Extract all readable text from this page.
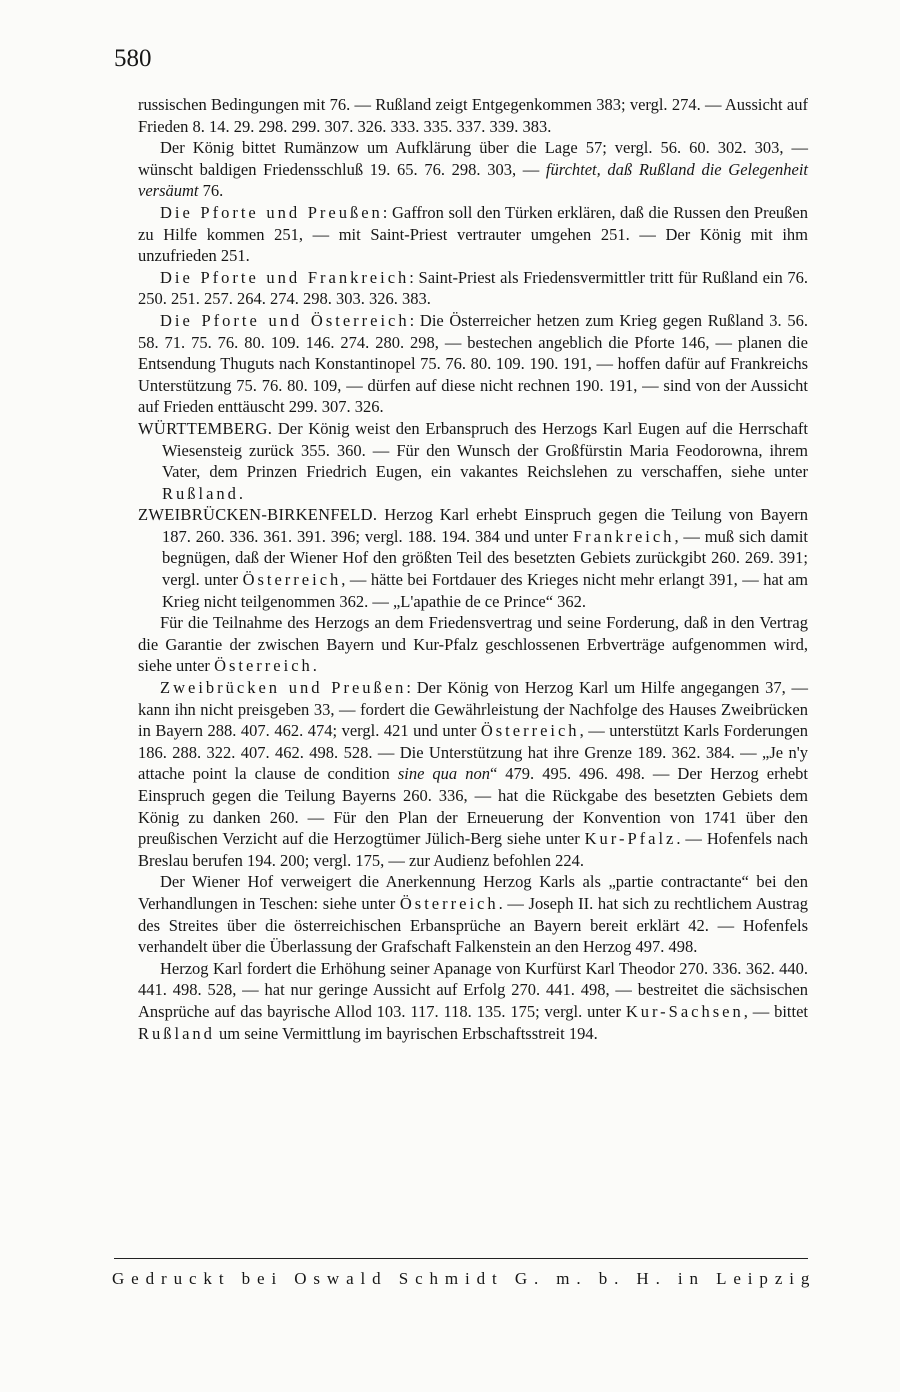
580

russischen Bedingungen mit 76. — Rußland zeigt Entgegenkommen 383; vergl. 274. — Aussicht auf Frieden 8. 14. 29. 298. 299. 307. 326. 333. 335. 337. 339. 383.

Der König bittet Rumänzow um Aufklärung über die Lage 57; vergl. 56. 60. 302. 303, — wünscht baldigen Friedensschluß 19. 65. 76. 298. 303, — fürchtet, daß Rußland die Gelegenheit versäumt 76.

Die Pforte und Preußen: Gaffron soll den Türken erklären, daß die Russen den Preußen zu Hilfe kommen 251, — mit Saint-Priest vertrauter umgehen 251. — Der König mit ihm unzufrieden 251.

Die Pforte und Frankreich: Saint-Priest als Friedensvermittler tritt für Rußland ein 76. 250. 251. 257. 264. 274. 298. 303. 326. 383.

Die Pforte und Österreich: Die Österreicher hetzen zum Krieg gegen Rußland 3. 56. 58. 71. 75. 76. 80. 109. 146. 274. 280. 298, — bestechen angeblich die Pforte 146, — planen die Entsendung Thuguts nach Konstantinopel 75. 76. 80. 109. 190. 191, — hoffen dafür auf Frankreichs Unterstützung 75. 76. 80. 109, — dürfen auf diese nicht rechnen 190. 191, — sind von der Aussicht auf Frieden enttäuscht 299. 307. 326.

WÜRTTEMBERG. Der König weist den Erbanspruch des Herzogs Karl Eugen auf die Herrschaft Wiesensteig zurück 355. 360. — Für den Wunsch der Großfürstin Maria Feodorowna, ihrem Vater, dem Prinzen Friedrich Eugen, ein vakantes Reichslehen zu verschaffen, siehe unter Rußland.

ZWEIBRÜCKEN-BIRKENFELD. Herzog Karl erhebt Einspruch gegen die Teilung von Bayern 187. 260. 336. 361. 391. 396; vergl. 188. 194. 384 und unter Frankreich, — muß sich damit begnügen, daß der Wiener Hof den größten Teil des besetzten Gebiets zurückgibt 260. 269. 391; vergl. unter Österreich, — hätte bei Fortdauer des Krieges nicht mehr erlangt 391, — hat am Krieg nicht teilgenommen 362. — „L'apathie de ce Prince“ 362.

Für die Teilnahme des Herzogs an dem Friedensvertrag und seine Forderung, daß in den Vertrag die Garantie der zwischen Bayern und Kur-Pfalz geschlossenen Erbverträge aufgenommen wird, siehe unter Österreich.

Zweibrücken und Preußen: Der König von Herzog Karl um Hilfe angegangen 37, — kann ihn nicht preisgeben 33, — fordert die Gewährleistung der Nachfolge des Hauses Zweibrücken in Bayern 288. 407. 462. 474; vergl. 421 und unter Österreich, — unterstützt Karls Forderungen 186. 288. 322. 407. 462. 498. 528. — Die Unterstützung hat ihre Grenze 189. 362. 384. — „Je n'y attache point la clause de condition sine qua non“ 479. 495. 496. 498. — Der Herzog erhebt Einspruch gegen die Teilung Bayerns 260. 336, — hat die Rückgabe des besetzten Gebiets dem König zu danken 260. — Für den Plan der Erneuerung der Konvention von 1741 über den preußischen Verzicht auf die Herzogtümer Jülich-Berg siehe unter Kur-Pfalz. — Hofenfels nach Breslau berufen 194. 200; vergl. 175, — zur Audienz befohlen 224.

Der Wiener Hof verweigert die Anerkennung Herzog Karls als „partie contractante“ bei den Verhandlungen in Teschen: siehe unter Österreich. — Joseph II. hat sich zu rechtlichem Austrag des Streites über die österreichischen Erbansprüche an Bayern bereit erklärt 42. — Hofenfels verhandelt über die Überlassung der Grafschaft Falkenstein an den Herzog 497. 498.

Herzog Karl fordert die Erhöhung seiner Apanage von Kurfürst Karl Theodor 270. 336. 362. 440. 441. 498. 528, — hat nur geringe Aussicht auf Erfolg 270. 441. 498, — bestreitet die sächsischen Ansprüche auf das bayrische Allod 103. 117. 118. 135. 175; vergl. unter Kur-Sachsen, — bittet Rußland um seine Vermittlung im bayrischen Erbschaftsstreit 194.

Gedruckt bei Oswald Schmidt G. m. b. H. in Leipzig
